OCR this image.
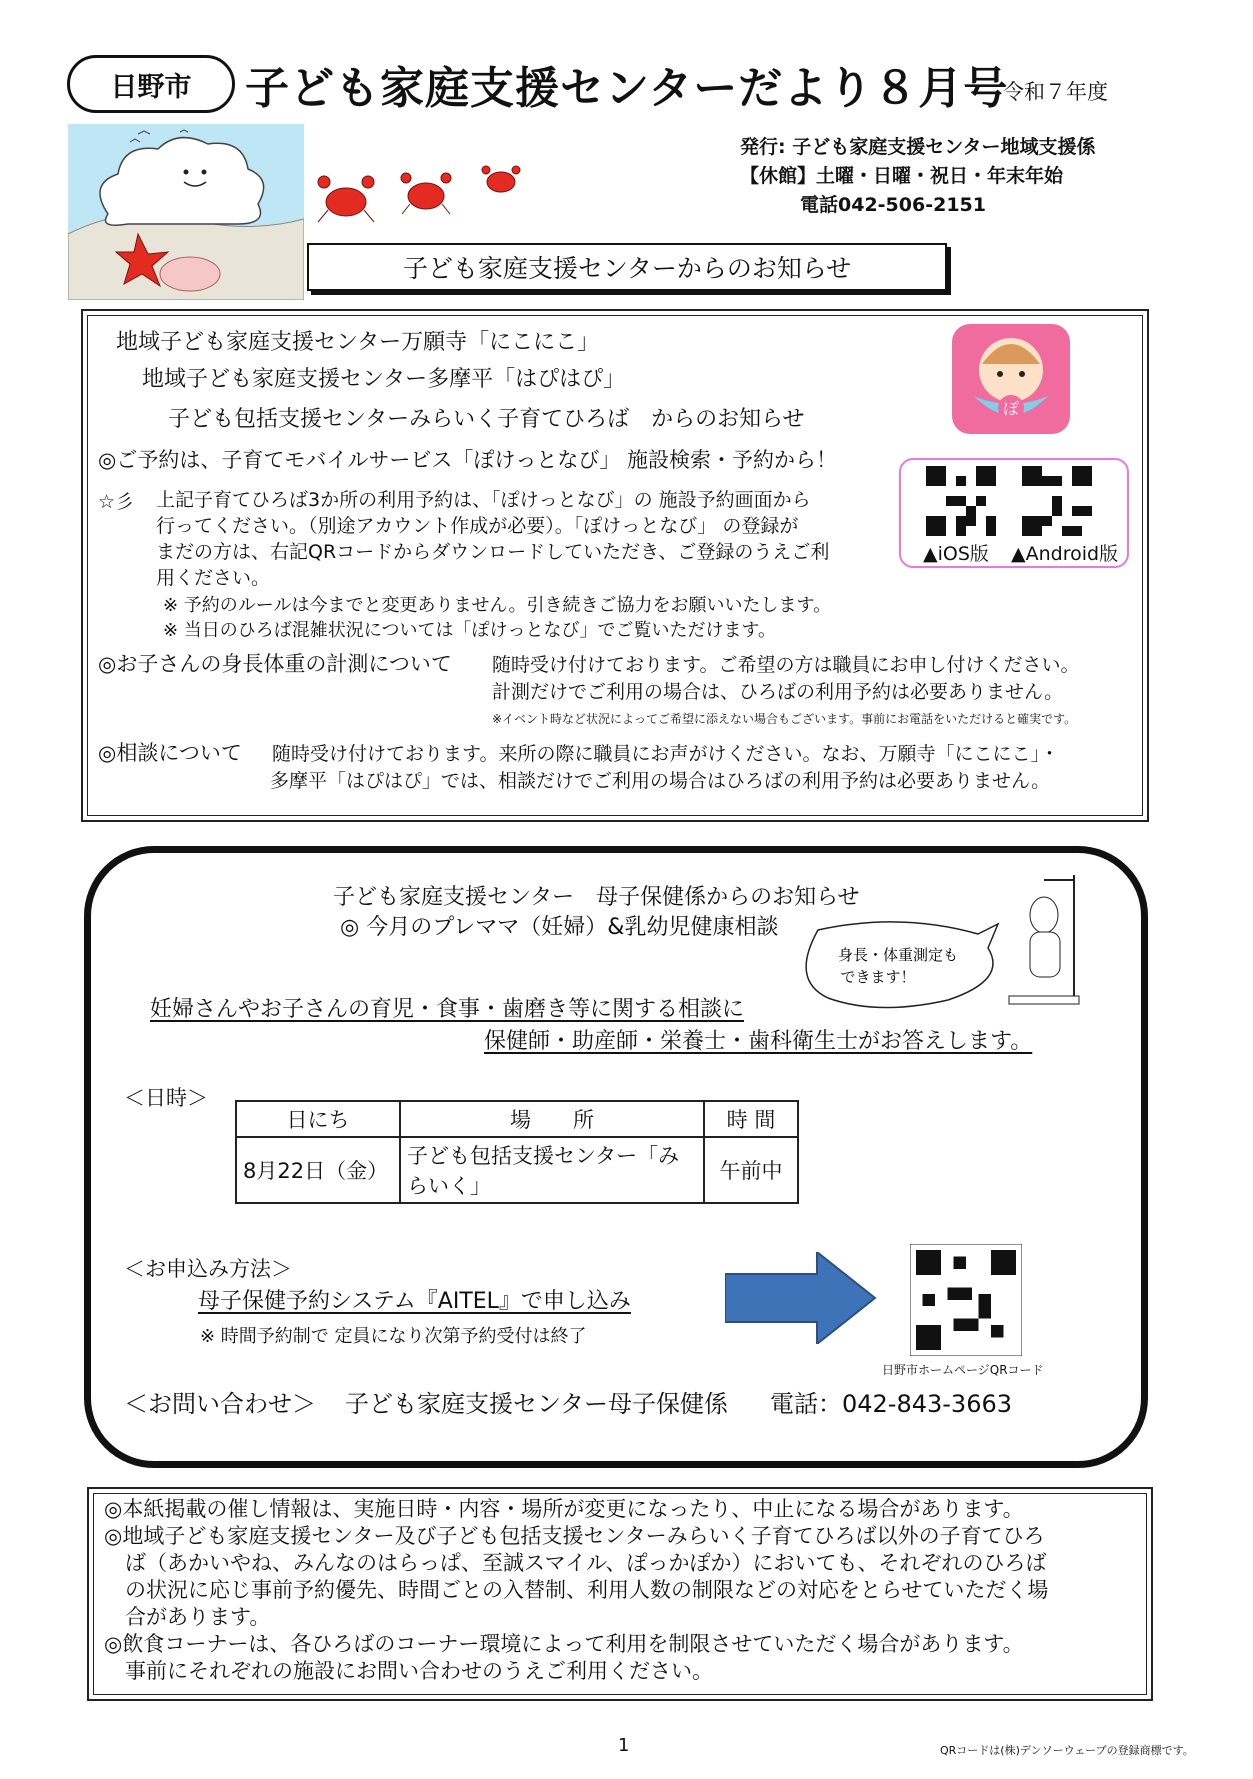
日野市	子ども家庭支援センターだより８月号
令和７年度
発行: 子ども家庭支援センター地域支援係
【休館】土曜・日曜・祝日・年末年始
電話042-506-2151
子ども家庭支援センターからのお知らせ
地域子ども家庭支援センター万願寺「にこにこ」
地域子ども家庭支援センター多摩平「はぴはぴ」
子ども包括支援センターみらいく子育てひろば　からのお知らせ	ぽ
◎ご予約は、子育てモバイルサービス「ぽけっとなび」 施設検索・予約から！
☆彡 上記子育てひろば3か所の利用予約は、「ぽけっとなび」の 施設予約画面から
行ってください。（別途アカウント作成が必要）。「ぽけっとなび」 の登録が
まだの方は、右記QRコードからダウンロードしていただき、ご登録のうえご利
用ください。
※ 予約のルールは今までと変更ありません。引き続きご協力をお願いいたします。
※ 当日のひろば混雑状況については「ぽけっとなび」でご覧いただけます。
▲iOS版 ▲Android版
◎お子さんの身長体重の計測について 随時受け付けております。ご希望の方は職員にお申し付けください。
計測だけでご利用の場合は、ひろばの利用予約は必要ありません。
※イベント時など状況によってご希望に添えない場合もございます。事前にお電話をいただけると確実です。
◎相談について 随時受け付けております。来所の際に職員にお声がけください。なお、万願寺「にこにこ」・
多摩平「はぴはぴ」では、相談だけでご利用の場合はひろばの利用予約は必要ありません。
子ども家庭支援センター　母子保健係からのお知らせ
◎ 今月のプレママ（妊婦）&乳幼児健康相談
身長・体重測定も
できます！
妊婦さんやお子さんの育児・食事・歯磨き等に関する相談に
保健師・助産師・栄養士・歯科衛生士がお答えします。
＜日時＞
日にち	場　　所	時 間
8月22日（金）	子ども包括支援センター「みらいく」	午前中
＜お申込み方法＞
母子保健予約システム『AITEL』で申し込み
※ 時間予約制で 定員になり次第予約受付は終了
日野市ホームページQRコード
＜お問い合わせ＞ 子ども家庭支援センター母子保健係 電話：042-843-3663
◎本紙掲載の催し情報は、実施日時・内容・場所が変更になったり、中止になる場合があります。
◎地域子ども家庭支援センター及び子ども包括支援センターみらいく子育てひろば以外の子育てひろ
ば（あかいやね、みんなのはらっぱ、至誠スマイル、ぽっかぽか）においても、それぞれのひろば
の状況に応じ事前予約優先、時間ごとの入替制、利用人数の制限などの対応をとらせていただく場
合があります。
◎飲食コーナーは、各ひろばのコーナー環境によって利用を制限させていただく場合があります。
事前にそれぞれの施設にお問い合わせのうえご利用ください。
1	QRコードは(株)デンソーウェーブの登録商標です。
